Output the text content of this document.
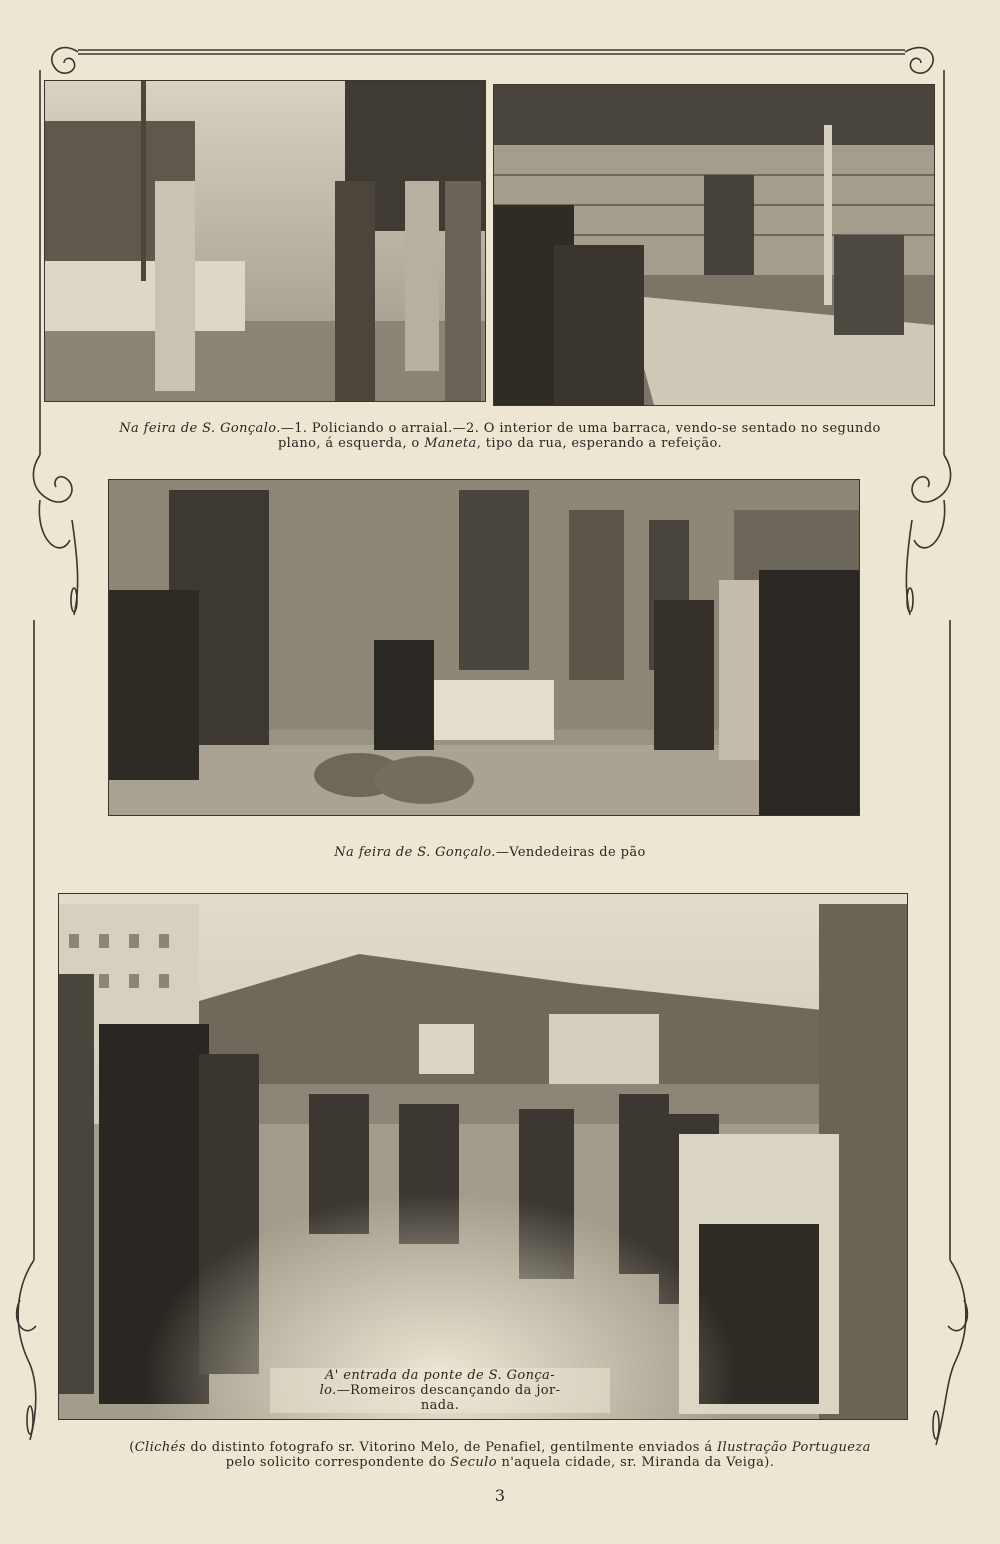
Na feira de S. Gonçalo.—1. Policiando o arraial.—2. O interior de uma barraca, vendo-se sentado no segundo
plano, á esquerda, o Maneta, tipo da rua, esperando a refeição.
Na feira de S. Gonçalo.—Vendedeiras de pão
A' entrada da ponte de S. Gonça-
lo.—Romeiros descançando da jor-
nada.
(Clichés do distinto fotografo sr. Vitorino Melo, de Penafiel, gentilmente enviados á Ilustração Portugueza
pelo solicito correspondente do Seculo n'aquela cidade, sr. Miranda da Veiga).
3
